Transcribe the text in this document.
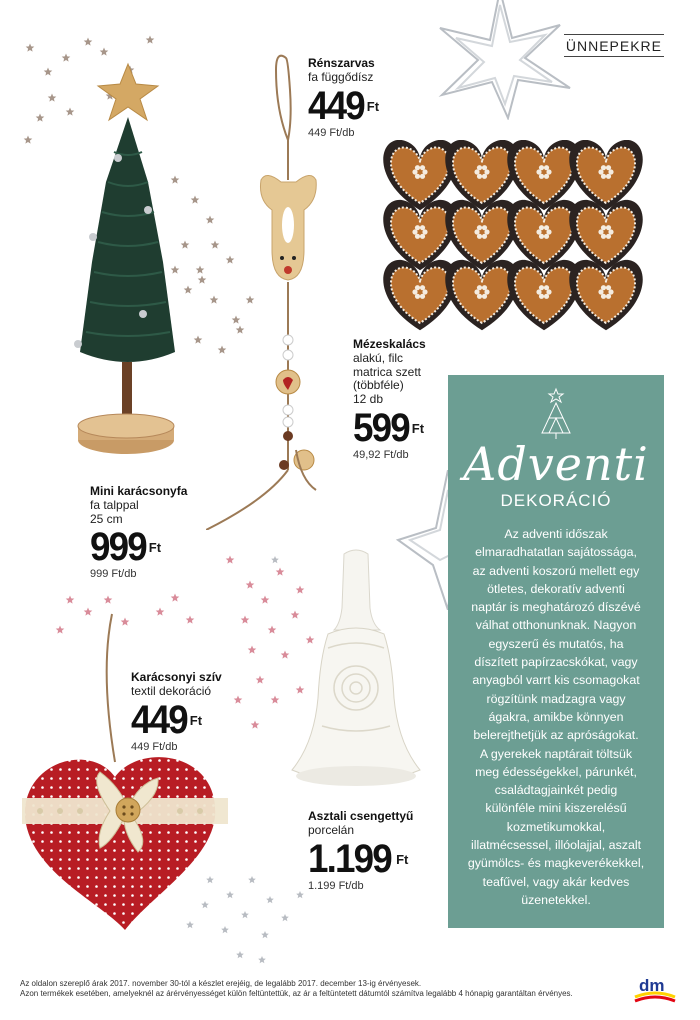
ÜNNEPEKRE
Rénszarvas
fa függődísz
449 Ft
449 Ft/db
Mézeskalács
alakú, filc
matrica szett
(többféle)
12 db
599 Ft
49,92 Ft/db
Mini karácsonyfa
fa talppal
25 cm
999 Ft
999 Ft/db
Karácsonyi szív
textil dekoráció
449 Ft
449 Ft/db
Asztali csengettyű
porcelán
1.199 Ft
1.199 Ft/db
Adventi
DEKORÁCIÓ
Az adventi időszak
elmaradhatatlan sajátossága,
az adventi koszorú mellett egy
ötletes, dekoratív adventi
naptár is meghatározó díszévé
válhat otthonunknak. Nagyon
egyszerű és mutatós, ha
díszített papírzacskókat, vagy
anyagból varrt kis csomagokat
rögzítünk madzagra vagy
ágakra, amikbe könnyen
belerejthetjük az apróságokat.
A gyerekek naptárait töltsük
meg édességekkel, párunkét,
családtagjainkét pedig
különféle mini kiszerelésű
kozmetikumokkal,
illatmécsessel, illóolajjal, aszalt
gyümölcs- és magkeverékekkel,
teafűvel, vagy akár kedves
üzenetekkel.
Az oldalon szereplő árak 2017. november 30-tól a készlet erejéig, de legalább 2017. december 13-ig érvényesek.
Azon termékek esetében, amelyeknél az árérvényességet külön feltüntettük, az ár a feltüntetett dátumtól számítva legalább 4 hónapig garantáltan érvényes.	dm
